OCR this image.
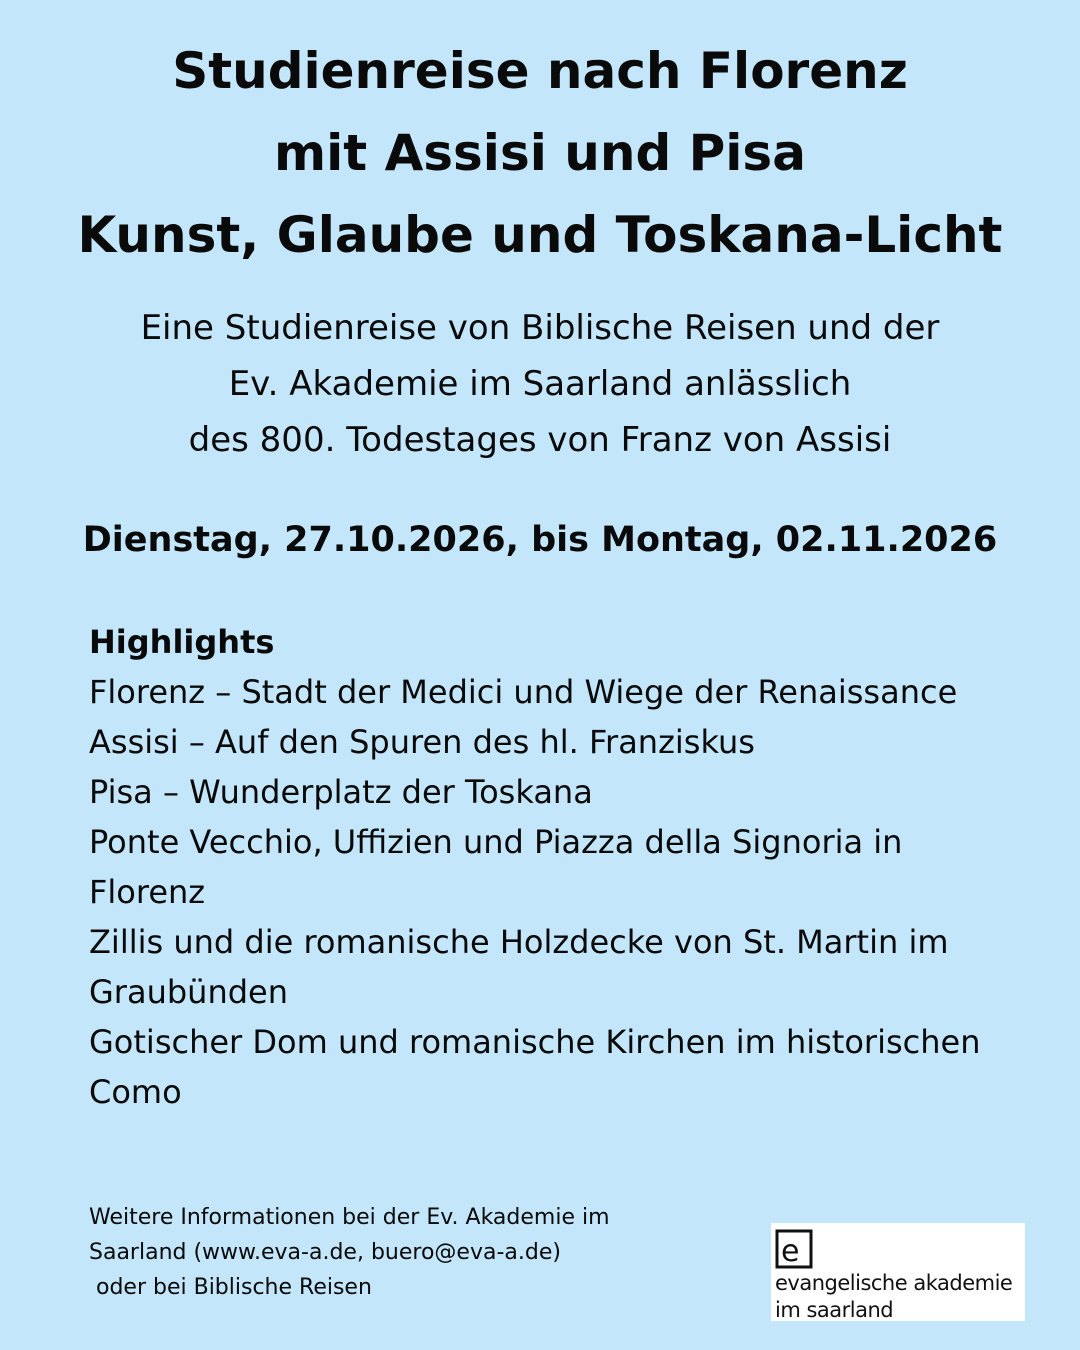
Studienreise nach Florenz
mit Assisi und Pisa
Kunst, Glaube und Toskana-Licht
Eine Studienreise von Biblische Reisen und der
Ev. Akademie im Saarland anlässlich
des 800. Todestages von Franz von Assisi
Dienstag, 27.10.2026, bis Montag, 02.11.2026
Highlights
Florenz – Stadt der Medici und Wiege der Renaissance
Assisi – Auf den Spuren des hl. Franziskus
Pisa – Wunderplatz der Toskana
Ponte Vecchio, Uffizien und Piazza della Signoria in Florenz
Zillis und die romanische Holzdecke von St. Martin im Graubünden
Gotischer Dom und romanische Kirchen im historischen Como
Weitere Informationen bei der Ev. Akademie im
Saarland (www.eva-a.de, buero@eva-a.de)
oder bei Biblische Reisen
e
evangelische akademie
im saarland
